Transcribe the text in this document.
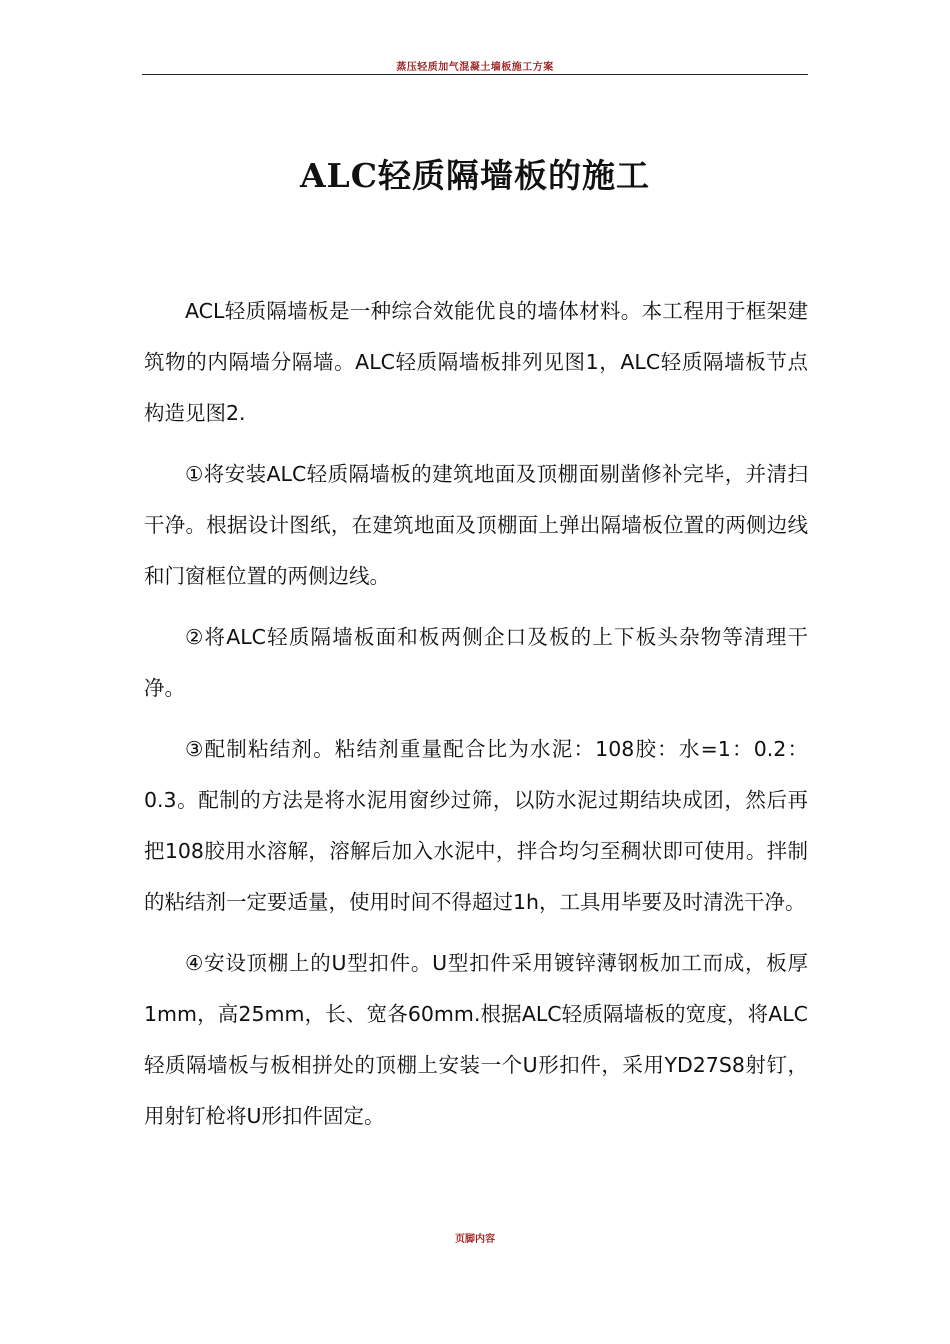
蒸压轻质加气混凝土墙板施工方案
ALC轻质隔墙板的施工

ACL轻质隔墙板是一种综合效能优良的墙体材料。本工程用于框架建筑物的内隔墙分隔墙。ALC轻质隔墙板排列见图1，ALC轻质隔墙板节点构造见图2.

①将安装ALC轻质隔墙板的建筑地面及顶棚面剔凿修补完毕，并清扫干净。根据设计图纸，在建筑地面及顶棚面上弹出隔墙板位置的两侧边线和门窗框位置的两侧边线。

②将ALC轻质隔墙板面和板两侧企口及板的上下板头杂物等清理干净。

③配制粘结剂。粘结剂重量配合比为水泥：108胶：水=1：0.2：0.3。配制的方法是将水泥用窗纱过筛，以防水泥过期结块成团，然后再把108胶用水溶解，溶解后加入水泥中，拌合均匀至稠状即可使用。拌制的粘结剂一定要适量，使用时间不得超过1h，工具用毕要及时清洗干净。

④安设顶棚上的U型扣件。U型扣件采用镀锌薄钢板加工而成，板厚1mm，高25mm，长、宽各60mm.根据ALC轻质隔墙板的宽度，将ALC轻质隔墙板与板相拼处的顶棚上安装一个U形扣件，采用YD27S8射钉，用射钉枪将U形扣件固定。

页脚内容
